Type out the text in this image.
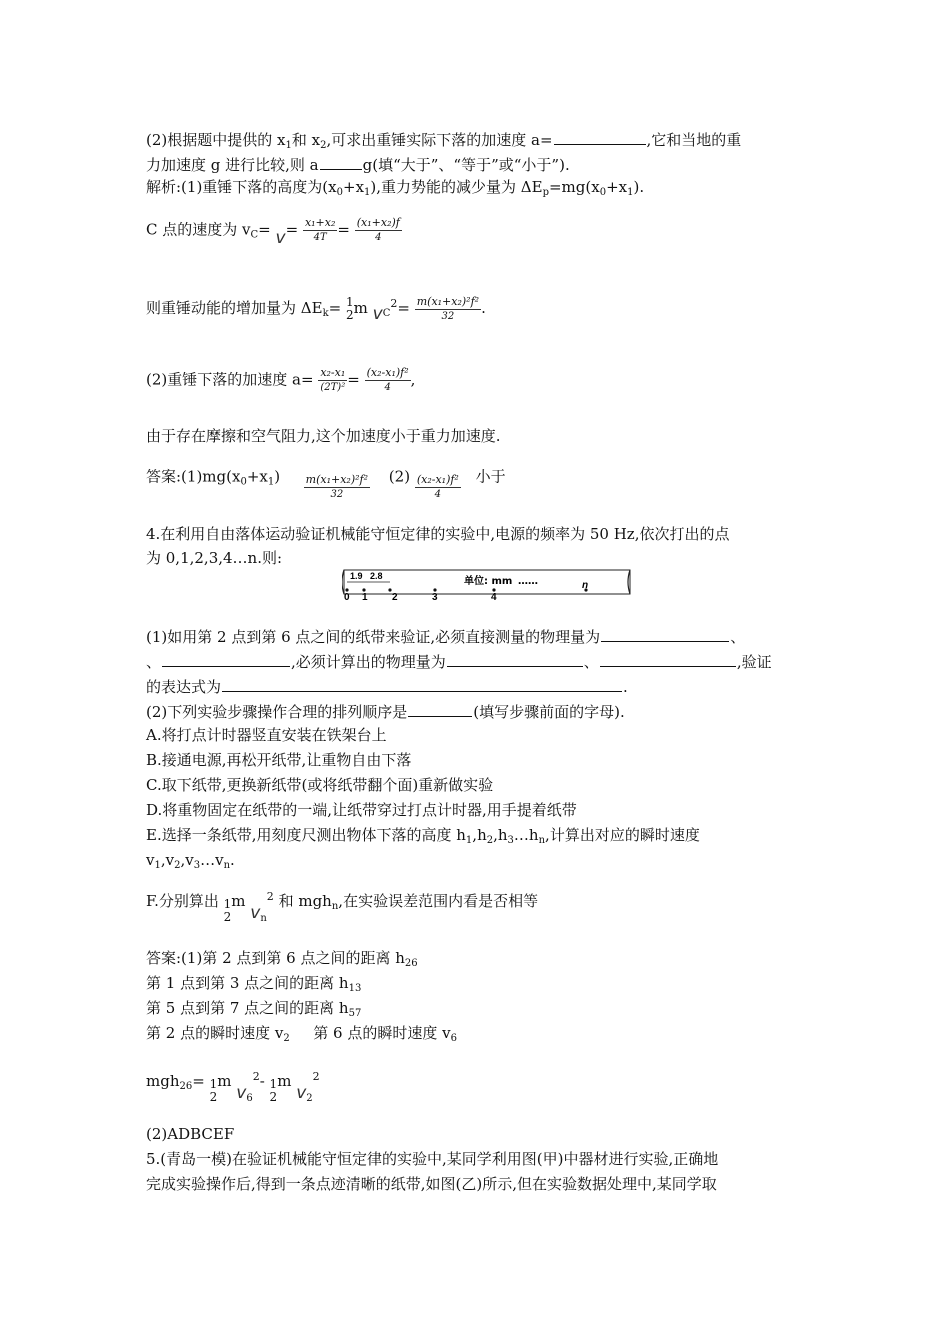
(2)根据题中提供的 $x_1$和 $x_2$,可求出重锤实际下落的加速度 a=	,它和当地的重
力加速度 g 进行比较,则 a	g(填“大于”、“等于”或“小于”).
解析:(1)重锤下落的高度为$(x_0+x_1)$,重力势能的减少量为 $\Delta E_p=mg(x_0+x_1)$.
C 点的速度为 $v_C= v= \frac{\text{x₁+x₂}}{4T} = \frac{\text{(x₁+x₂)f}}{4}$
则重锤动能的增加量为 $\Delta E_k= 1$
2 m $v_C^2= \frac{\text{m(x₁+x₂)²f²}}{32}$ .
(2)重锤下落的加速度 $a= \frac{\text{x₂-x₁}}{\text{(2T)²}} = \frac{\text{(x₂-x₁)f²}}{4}$ ,
由于存在摩擦和空气阻力,这个加速度小于重力加速度.
答案$:(1)mg(x_0+x_1) \frac{\text{m(x₁+x₂)²f²}}{32} (2) \frac{\text{(x₂-x₁)f²}}{4}$ 小于
4.在利用自由落体运动验证机械能守恒定律的实验中,电源的频率为 50 Hz,依次打出的点
为 0,1,2,3,4…n.则:
1.9 2.8	单位: mm ……
0 1 2	3	4
n
(1)如用第 2 点到第 6 点之间的纸带来验证,必须直接测量的物理量为	、
、	,必须计算出的物理量为	、	,验证
的表达式为	.
(2)下列实验步骤操作合理的排列顺序是	(填写步骤前面的字母).
A.将打点计时器竖直安装在铁架台上
B.接通电源,再松开纸带,让重物自由下落
C.取下纸带,更换新纸带(或将纸带翻个面)重新做实验
D.将重物固定在纸带的一端,让纸带穿过打点计时器,用手提着纸带
E.选择一条纸带,用刻度尺测出物体下落的高度 $h_1,h_2,h_3\dots h_n$,计算出对应的瞬时速度
$v_1,v_2,v_3\dots v_n$.
F.分别算出 1
2
m $v_n^2$ 和 mgh$_n$,在实验误差范围内看是否相等
答案:(1)第 2 点到第 6 点之间的距离 $h_{26}$
第 1 点到第 3 点之间的距离 $h_{13}$
第 5 点到第 7 点之间的距离 $h_{57}$
第 2 点的瞬时速度 $v_2$ 第 6 点的瞬时速度 $v_6$
mgh$_{26}$= 1
2
m $v_6^2-$ 1
2
m $v_2^2$
(2)ADBCEF
5.(青岛一模)在验证机械能守恒定律的实验中,某同学利用图(甲)中器材进行实验,正确地
完成实验操作后,得到一条点迹清晰的纸带,如图(乙)所示,但在实验数据处理中,某同学取
